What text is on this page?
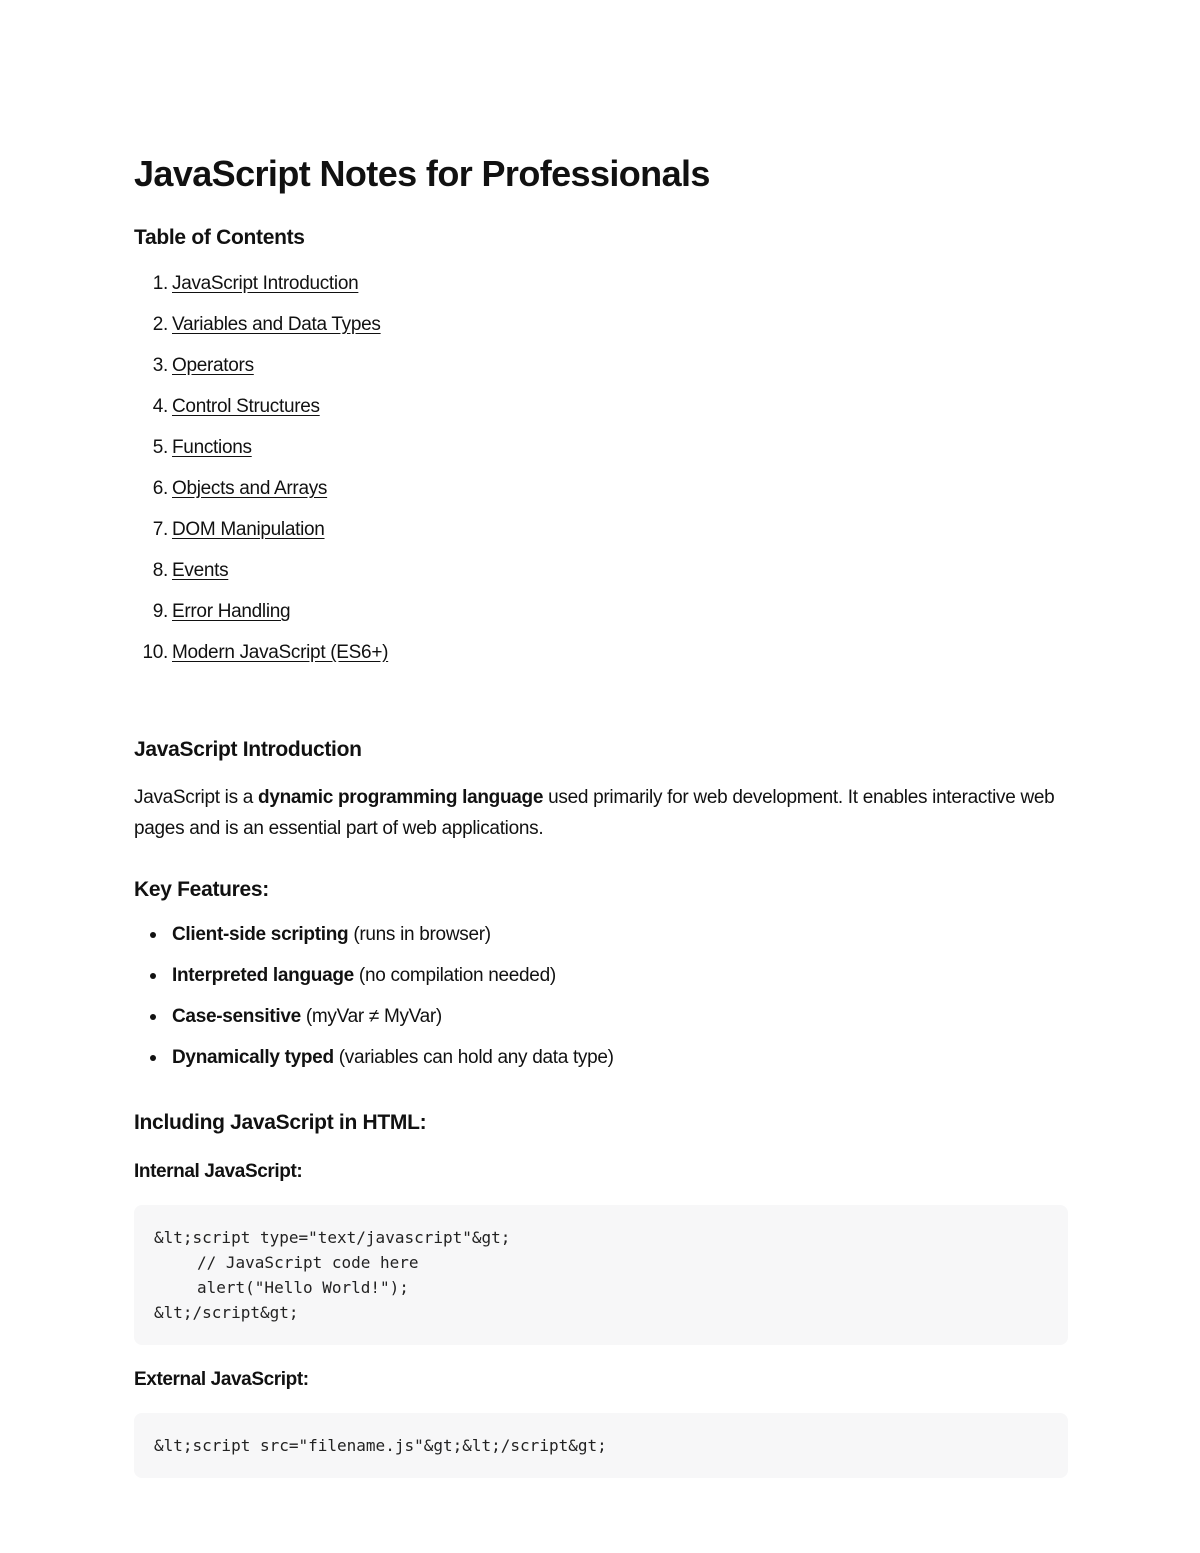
JavaScript Notes for Professionals
Table of Contents
1. JavaScript Introduction
2. Variables and Data Types
3. Operators
4. Control Structures
5. Functions
6. Objects and Arrays
7. DOM Manipulation
8. Events
9. Error Handling
10. Modern JavaScript (ES6+)
JavaScript Introduction

JavaScript is a dynamic programming language used primarily for web development. It enables interactive web pages and is an essential part of web applications.

Key Features:
Client-side scripting (runs in browser)
Interpreted language (no compilation needed)
Case-sensitive (myVar ≠ MyVar)
Dynamically typed (variables can hold any data type)
Including JavaScript in HTML:
Internal JavaScript:
&lt;script type="text/javascript"&gt;
// JavaScript code here
alert("Hello World!");
&lt;/script&gt;
External JavaScript:
&lt;script src="filename.js"&gt;&lt;/script&gt;
